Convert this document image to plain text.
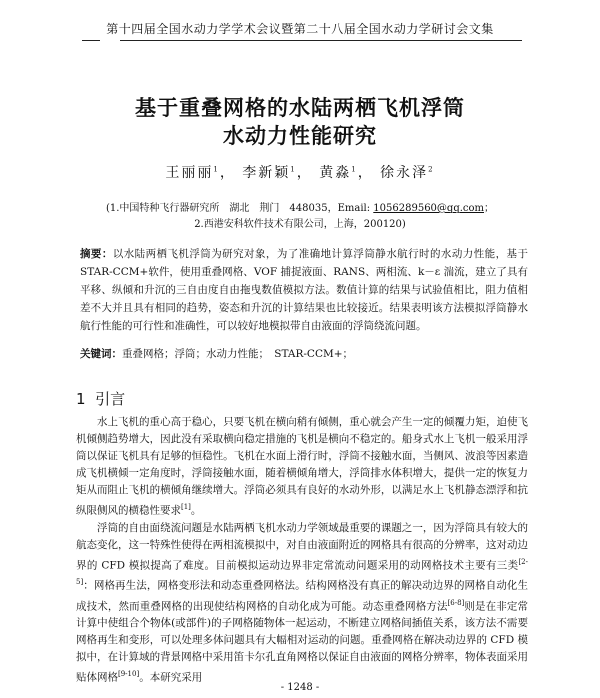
第十四届全国水动力学学术会议暨第二十八届全国水动力学研讨会文集
基于重叠网格的水陆两栖飞机浮筒
水动力性能研究
王丽丽$^1$， 李新颖$^1$， 黄淼$^1$， 徐永泽$^2$
(1.中国特种飞行器研究所　湖北　荆门　448035，Email: 1056289560@qq.com；
2.西港安科软件技术有限公司，上海，200120)
摘要：以水陆两栖飞机浮筒为研究对象，为了准确地计算浮筒静水航行时的水动力性能，基于 STAR-CCM+软件，使用重叠网格、VOF 捕捉液面、RANS、两相流、k－ε 湍流，建立了具有平移、纵倾和升沉的三自由度自由拖曳数值模拟方法。数值计算的结果与试验值相比，阻力值相差不大并且具有相同的趋势，姿态和升沉的计算结果也比较接近。结果表明该方法模拟浮筒静水航行性能的可行性和准确性，可以较好地模拟带自由液面的浮筒绕流问题。
关键词：重叠网格；浮筒；水动力性能；　STAR-CCM+；
1 引言

水上飞机的重心高于稳心，只要飞机在横向稍有倾侧，重心就会产生一定的倾覆力矩，迫使飞机倾侧趋势增大，因此没有采取横向稳定措施的飞机是横向不稳定的。船身式水上飞机一般采用浮筒以保证飞机具有足够的恒稳性。飞机在水面上滑行时，浮筒不接触水面，当侧风、波浪等因素造成飞机横倾一定角度时，浮筒接触水面，随着横倾角增大，浮筒排水体积增大，提供一定的恢复力矩从而阻止飞机的横倾角继续增大。浮筒必须具有良好的水动外形，以满足水上飞机静态漂浮和抗纵限侧风的横稳性要求[1]。

浮筒的自由面绕流问题是水陆两栖飞机水动力学领域最重要的课题之一，因为浮筒具有较大的航态变化，这一特殊性使得在两相流模拟中，对自由液面附近的网格具有很高的分辨率，这对动边界的 CFD 模拟提高了难度。目前模拟运动边界非定常流动问题采用的动网格技术主要有三类[2-5]：网格再生法，网格变形法和动态重叠网格法。结构网格没有真正的解决动边界的网格自动化生成技术，然而重叠网格的出现使结构网格的自动化成为可能。动态重叠网格方法[6-8]则是在非定常计算中使组合个物体(或部件)的子网格随物体一起运动，不断建立网格间插值关系，该方法不需要网格再生和变形，可以处理多体问题具有大幅相对运动的问题。重叠网格在解决动边界的 CFD 模拟中，在计算域的背景网格中采用笛卡尔孔直角网格以保证自由液面的网格分辨率，物体表面采用贴体网格[9-10]。本研究采用

- 1248 -
